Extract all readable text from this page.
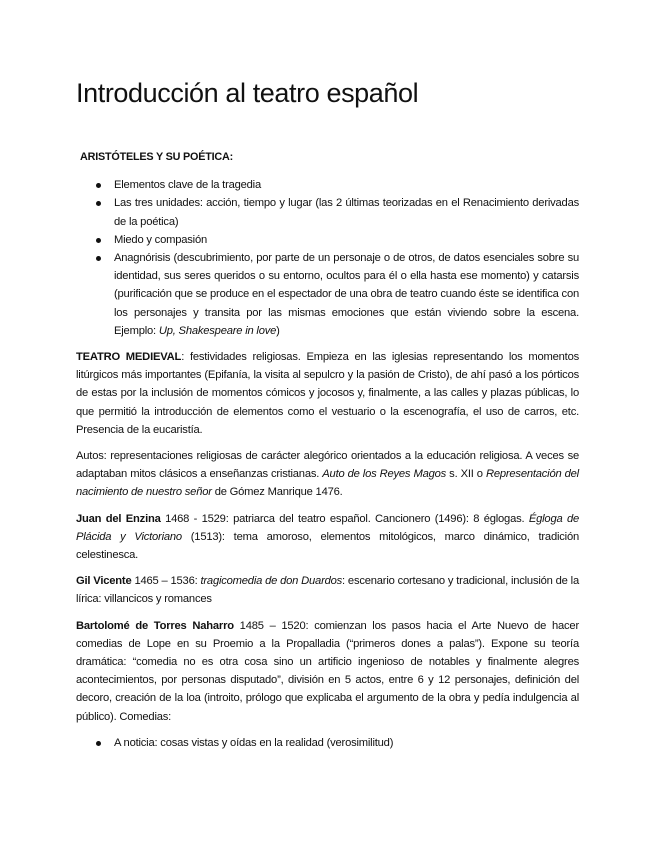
Introducción al teatro español
ARISTÓTELES Y SU POÉTICA:
Elementos clave de la tragedia
Las tres unidades: acción, tiempo y lugar (las 2 últimas teorizadas en el Renacimiento derivadas de la poética)
Miedo y compasión
Anagnórisis (descubrimiento, por parte de un personaje o de otros, de datos esenciales sobre su identidad, sus seres queridos o su entorno, ocultos para él o ella hasta ese momento) y catarsis (purificación que se produce en el espectador de una obra de teatro cuando éste se identifica con los personajes y transita por las mismas emociones que están viviendo sobre la escena. Ejemplo: Up, Shakespeare in love)

TEATRO MEDIEVAL: festividades religiosas. Empieza en las iglesias representando los momentos litúrgicos más importantes (Epifanía, la visita al sepulcro y la pasión de Cristo), de ahí pasó a los pórticos de estas por la inclusión de momentos cómicos y jocosos y, finalmente, a las calles y plazas públicas, lo que permitió la introducción de elementos como el vestuario o la escenografía, el uso de carros, etc. Presencia de la eucaristía.

Autos: representaciones religiosas de carácter alegórico orientados a la educación religiosa. A veces se adaptaban mitos clásicos a enseñanzas cristianas. Auto de los Reyes Magos s. XII o Representación del nacimiento de nuestro señor de Gómez Manrique 1476.

Juan del Enzina 1468 - 1529: patriarca del teatro español. Cancionero (1496): 8 églogas. Égloga de Plácida y Victoriano (1513): tema amoroso, elementos mitológicos, marco dinámico, tradición celestinesca.

Gil Vicente 1465 – 1536: tragicomedia de don Duardos: escenario cortesano y tradicional, inclusión de la lírica: villancicos y romances

Bartolomé de Torres Naharro 1485 – 1520: comienzan los pasos hacia el Arte Nuevo de hacer comedias de Lope en su Proemio a la Propalladia (“primeros dones a palas”). Expone su teoría dramática: “comedia no es otra cosa sino un artificio ingenioso de notables y finalmente alegres acontecimientos, por personas disputado”, división en 5 actos, entre 6 y 12 personajes, definición del decoro, creación de la loa (introito, prólogo que explicaba el argumento de la obra y pedía indulgencia al público). Comedias:

A noticia: cosas vistas y oídas en la realidad (verosimilitud)
